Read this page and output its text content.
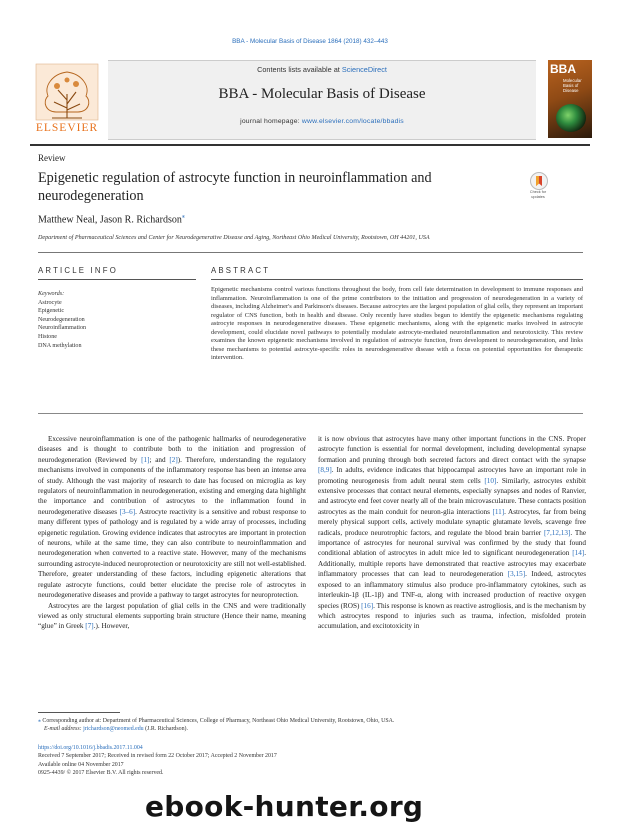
BBA - Molecular Basis of Disease 1864 (2018) 432–443
ELSEVIER
Contents lists available at ScienceDirect
BBA - Molecular Basis of Disease
journal homepage: www.elsevier.com/locate/bbadis
BBA
Molecular
Basis of
Disease
Review
Epigenetic regulation of astrocyte function in neuroinflammation and neurodegeneration	Check for updates
Matthew Neal, Jason R. Richardson⁎
Department of Pharmaceutical Sciences and Center for Neurodegenerative Disease and Aging, Northeast Ohio Medical University, Rootstown, OH 44201, USA
ARTICLE INFO	ABSTRACT
Keywords:
Astrocyte
Epigenetic
Neurodegeneration
Neuroinflammation
Histone
DNA methylation
Epigenetic mechanisms control various functions throughout the body, from cell fate determination in development to immune responses and inflammation. Neuroinflammation is one of the prime contributors to the initiation and progression of neurodegeneration in a variety of diseases, including Alzheimer's and Parkinson's diseases. Because astrocytes are the largest population of glial cells, they represent an important regulator of CNS function, both in health and disease. Only recently have studies begun to identify the epigenetic mechanisms regulating astrocyte responses in neurodegenerative diseases. These epigenetic mechanisms, along with the epigenetic marks involved in astrocyte development, could elucidate novel pathways to potentially modulate astrocyte-mediated neuroinflammation and neurotoxicity. This review examines the known epigenetic mechanisms involved in regulation of astrocyte function, from development to neurodegeneration, and links these mechanisms to potential astrocyte-specific roles in neurodegenerative disease with a focus on potential opportunities for therapeutic intervention.

Excessive neuroinflammation is one of the pathogenic hallmarks of neurodegenerative diseases and is thought to contribute both to the initiation and progression of neurodegeneration (Reviewed by [1]; and [2]). Therefore, understanding the regulatory mechanisms involved in components of the inflammatory response has been an intense area of study. Although the vast majority of research to date has focused on microglia as key regulators of neuroinflammation in neurodegeneration, existing and emerging data highlight the importance and contribution of astrocytes to the inflammation found in neurodegenerative diseases [3–6]. Astrocyte reactivity is a sensitive and robust response to many different types of pathology and is regulated by a wide array of processes, including epigenetic regulation. Growing evidence indicates that astrocytes are important in protection of neurons, while at the same time, they can also contribute to neuroinflammation and neurodegeneration when converted to a reactive state. However, many of the mechanisms surrounding astrocyte-induced neuroprotection or neurotoxicity are still not well-established. Therefore, greater understanding of these factors, including epigenetic alterations that regulate astrocyte functions, could better elucidate the precise role of astrocytes in neurodegenerative diseases and provide a pathway to target astrocytes for neuroprotection.

Astrocytes are the largest population of glial cells in the CNS and were traditionally viewed as only structural elements supporting brain structure (Hence their name, meaning “glue” in Greek [7].). However,

it is now obvious that astrocytes have many other important functions in the CNS. Proper astrocyte function is essential for normal development, including developmental synapse formation and pruning through both secreted factors and direct contact with the synapse [8,9]. In adults, evidence indicates that hippocampal astrocytes have an important role in promoting neurogenesis from adult neural stem cells [10]. Similarly, astrocytes exhibit extensive processes that contact neural elements, especially synapses and nodes of Ranvier, and astrocyte end feet cover nearly all of the brain microvasculature. These contacts position astrocytes as the main conduit for neuron-glia interactions [11]. Astrocytes, far from being merely physical support cells, actively modulate synaptic glutamate levels, scavenge free radicals, produce neurotrophic factors, and regulate the blood brain barrier [7,12,13]. The importance of astrocytes for neuronal survival was confirmed by the study that found conditional ablation of astrocytes in adult mice led to significant neurodegeneration [14]. Additionally, multiple reports have demonstrated that reactive astrocytes may exacerbate inflammatory processes that can lead to neurodegeneration [3,15]. Indeed, astrocytes exposed to an inflammatory stimulus also produce pro-inflammatory cytokines, such as interleukin-1β (IL-1β) and TNF-α, along with increased production of reactive oxygen species (ROS) [16]. This response is known as reactive astrogliosis, and is the mechanism by which astrocytes respond to injuries such as trauma, infection, misfolded protein accumulation, and excitotoxicity in

⁎ Corresponding author at: Department of Pharmaceutical Sciences, College of Pharmacy, Northeast Ohio Medical University, Rootstown, Ohio, USA.
E-mail address: jrichardson@neomed.edu (J.R. Richardson).
https://doi.org/10.1016/j.bbadis.2017.11.004
Received 7 September 2017; Received in revised form 22 October 2017; Accepted 2 November 2017
Available online 04 November 2017
0925-4439/ © 2017 Elsevier B.V. All rights reserved.
ebook-hunter.org
